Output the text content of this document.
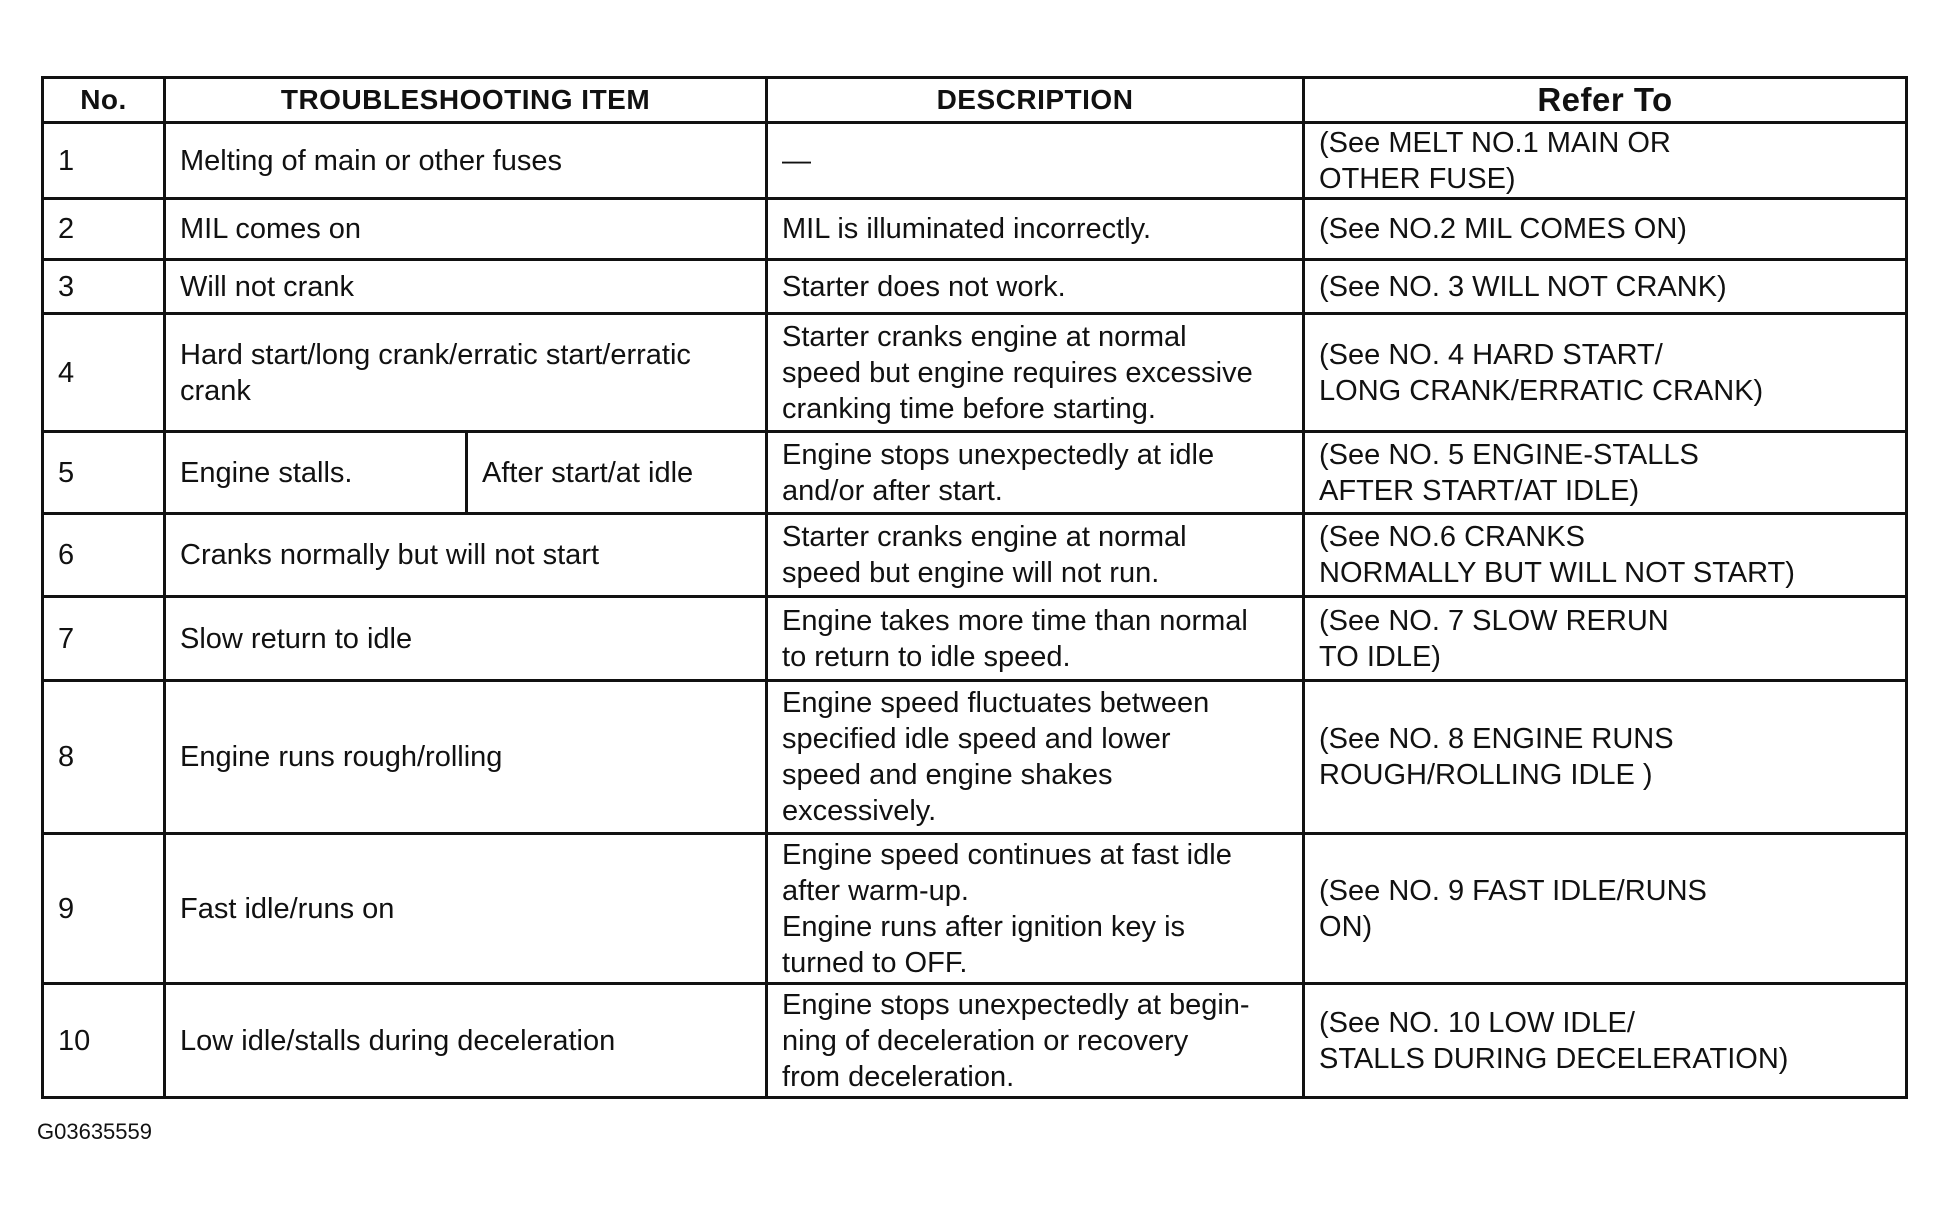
No.	TROUBLESHOOTING ITEM		DESCRIPTION	Refer To
1	Melting of main or other fuses		—	(See MELT NO.1 MAIN OR
OTHER FUSE)
2	MIL comes on		MIL is illuminated incorrectly.	(See NO.2 MIL COMES ON)
3	Will not crank		Starter does not work.	(See NO. 3 WILL NOT CRANK)
4	Hard start/long crank/erratic start/erratic
crank		Starter cranks engine at normal
speed but engine requires excessive
cranking time before starting.	(See NO. 4 HARD START/
LONG CRANK/ERRATIC CRANK)
5	Engine stalls.	After start/at idle	Engine stops unexpectedly at idle
and/or after start.	(See NO. 5 ENGINE-STALLS
AFTER START/AT IDLE)
6	Cranks normally but will not start		Starter cranks engine at normal
speed but engine will not run.	(See NO.6 CRANKS
NORMALLY BUT WILL NOT START)
7	Slow return to idle		Engine takes more time than normal
to return to idle speed.	(See NO. 7 SLOW RERUN
TO IDLE)
8	Engine runs rough/rolling		Engine speed fluctuates between
specified idle speed and lower
speed and engine shakes
excessively.	(See NO. 8 ENGINE RUNS
ROUGH/ROLLING IDLE )
9	Fast idle/runs on		Engine speed continues at fast idle
after warm-up.
Engine runs after ignition key is
turned to OFF.	(See NO. 9 FAST IDLE/RUNS
ON)
10	Low idle/stalls during deceleration		Engine stops unexpectedly at begin-
ning of deceleration or recovery
from deceleration.	(See NO. 10 LOW IDLE/
STALLS DURING DECELERATION)
G03635559
